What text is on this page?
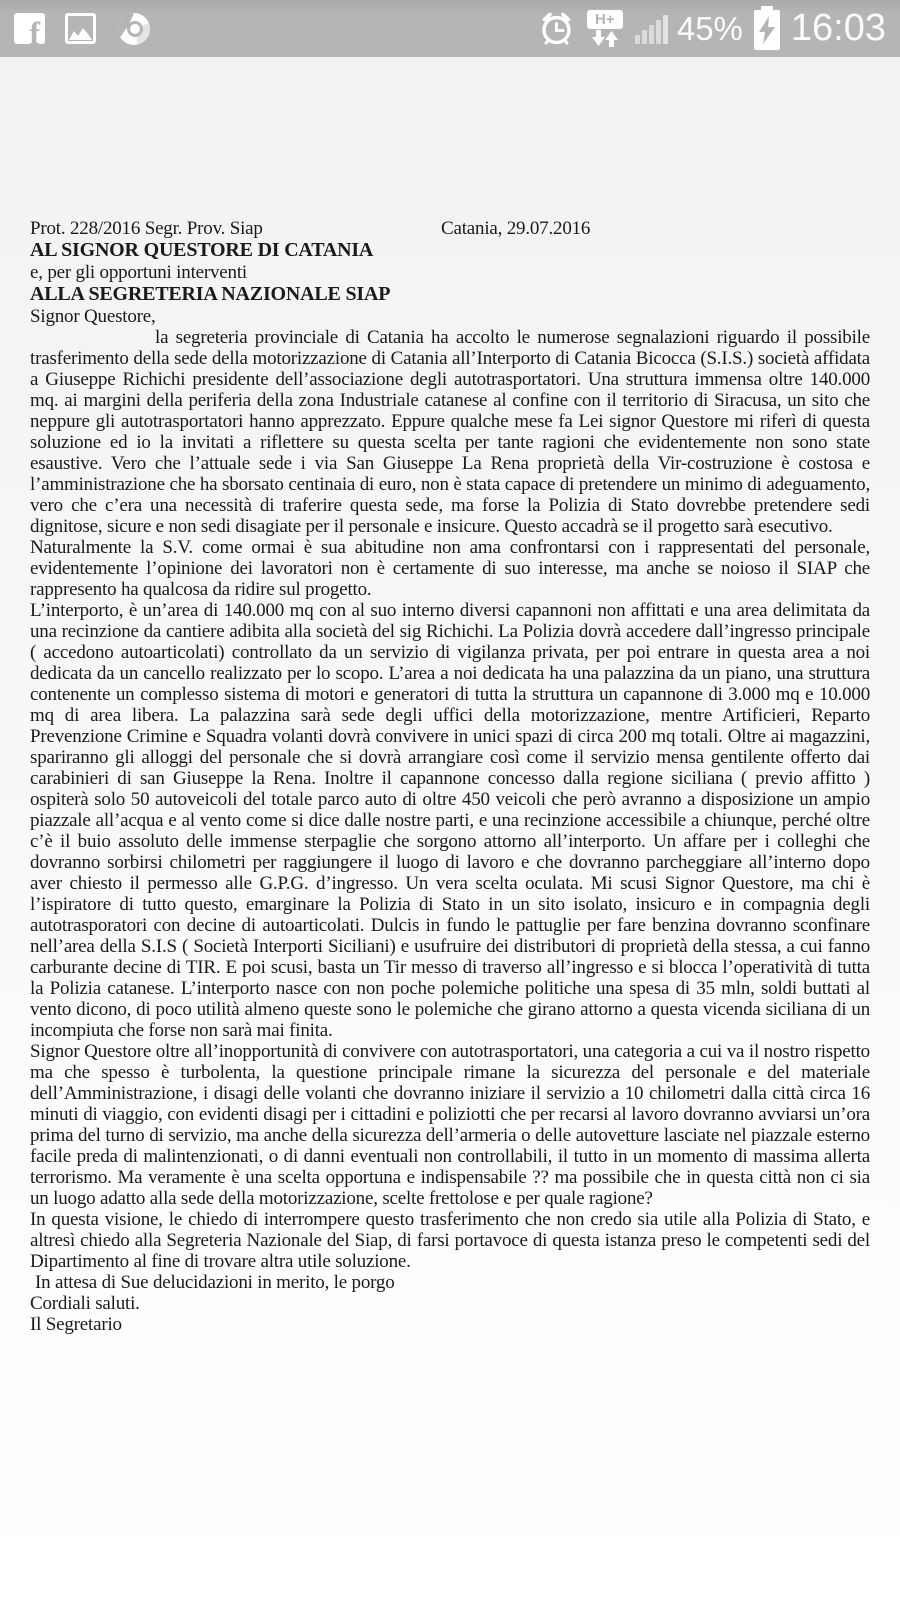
f	H+ 45% 16:03
Prot. 228/2016 Segr. Prov. Siap	Catania, 29.07.2016

AL SIGNOR QUESTORE DI CATANIA

e, per gli opportuni interventi

ALLA SEGRETERIA NAZIONALE SIAP

Signor Questore,

la segreteria provinciale di Catania ha accolto le numerose segnalazioni riguardo il possibile trasferimento della sede della motorizzazione di Catania all’Interporto di Catania Bicocca (S.I.S.) società affidata a Giuseppe Richichi presidente dell’associazione degli autotrasportatori. Una struttura immensa oltre 140.000 mq. ai margini della periferia della zona Industriale catanese al confine con il territorio di Siracusa, un sito che neppure gli autotrasportatori hanno apprezzato. Eppure qualche mese fa Lei signor Questore mi riferì di questa soluzione ed io la invitati a riflettere su questa scelta per tante ragioni che evidentemente non sono state esaustive. Vero che l’attuale sede i via San Giuseppe La Rena proprietà della Vir-costruzione è costosa e l’amministrazione che ha sborsato centinaia di euro, non è stata capace di pretendere un minimo di adeguamento, vero che c’era una necessità di traferire questa sede, ma forse la Polizia di Stato dovrebbe pretendere sedi dignitose, sicure e non sedi disagiate per il personale e insicure. Questo accadrà se il progetto sarà esecutivo.

Naturalmente la S.V. come ormai è sua abitudine non ama confrontarsi con i rappresentati del personale, evidentemente l’opinione dei lavoratori non è certamente di suo interesse, ma anche se noioso il SIAP che rappresento ha qualcosa da ridire sul progetto.

L’interporto, è un’area di 140.000 mq con al suo interno diversi capannoni non affittati e una area delimitata da una recinzione da cantiere adibita alla società del sig Richichi. La Polizia dovrà accedere dall’ingresso principale ( accedono autoarticolati) controllato da un servizio di vigilanza privata, per poi entrare in questa area a noi dedicata da un cancello realizzato per lo scopo. L’area a noi dedicata ha una palazzina da un piano, una struttura contenente un complesso sistema di motori e generatori di tutta la struttura un capannone di 3.000 mq e 10.000 mq di area libera. La palazzina sarà sede degli uffici della motorizzazione, mentre Artificieri, Reparto Prevenzione Crimine e Squadra volanti dovrà convivere in unici spazi di circa 200 mq totali. Oltre ai magazzini, spariranno gli alloggi del personale che si dovrà arrangiare così come il servizio mensa gentilente offerto dai carabinieri di san Giuseppe la Rena. Inoltre il capannone concesso dalla regione siciliana ( previo affitto ) ospiterà solo 50 autoveicoli del totale parco auto di oltre 450 veicoli che però avranno a disposizione un ampio piazzale all’acqua e al vento come si dice dalle nostre parti, e una recinzione accessibile a chiunque, perché oltre c’è il buio assoluto delle immense sterpaglie che sorgono attorno all’interporto. Un affare per i colleghi che dovranno sorbirsi chilometri per raggiungere il luogo di lavoro e che dovranno parcheggiare all’interno dopo aver chiesto il permesso alle G.P.G. d’ingresso. Un vera scelta oculata. Mi scusi Signor Questore, ma chi è l’ispiratore di tutto questo, emarginare la Polizia di Stato in un sito isolato, insicuro e in compagnia degli autotrasporatori con decine di autoarticolati. Dulcis in fundo le pattuglie per fare benzina dovranno sconfinare nell’area della S.I.S ( Società Interporti Siciliani) e usufruire dei distributori di proprietà della stessa, a cui fanno carburante decine di TIR. E poi scusi, basta un Tir messo di traverso all’ingresso e si blocca l’operatività di tutta la Polizia catanese. L’interporto nasce con non poche polemiche politiche una spesa di 35 mln, soldi buttati al vento dicono, di poco utilità almeno queste sono le polemiche che girano attorno a questa vicenda siciliana di un incompiuta che forse non sarà mai finita.

Signor Questore oltre all’inopportunità di convivere con autotrasportatori, una categoria a cui va il nostro rispetto ma che spesso è turbolenta, la questione principale rimane la sicurezza del personale e del materiale dell’Amministrazione, i disagi delle volanti che dovranno iniziare il servizio a 10 chilometri dalla città circa 16 minuti di viaggio, con evidenti disagi per i cittadini e poliziotti che per recarsi al lavoro dovranno avviarsi un’ora prima del turno di servizio, ma anche della sicurezza dell’armeria o delle autovetture lasciate nel piazzale esterno facile preda di malintenzionati, o di danni eventuali non controllabili, il tutto in un momento di massima allerta terrorismo. Ma veramente è una scelta opportuna e indispensabile ?? ma possibile che in questa città non ci sia un luogo adatto alla sede della motorizzazione, scelte frettolose e per quale ragione?

In questa visione, le chiedo di interrompere questo trasferimento che non credo sia utile alla Polizia di Stato, e altresì chiedo alla Segreteria Nazionale del Siap, di farsi portavoce di questa istanza preso le competenti sedi del Dipartimento al fine di trovare altra utile soluzione.

In attesa di Sue delucidazioni in merito, le porgo

Cordiali saluti.

Il Segretario
